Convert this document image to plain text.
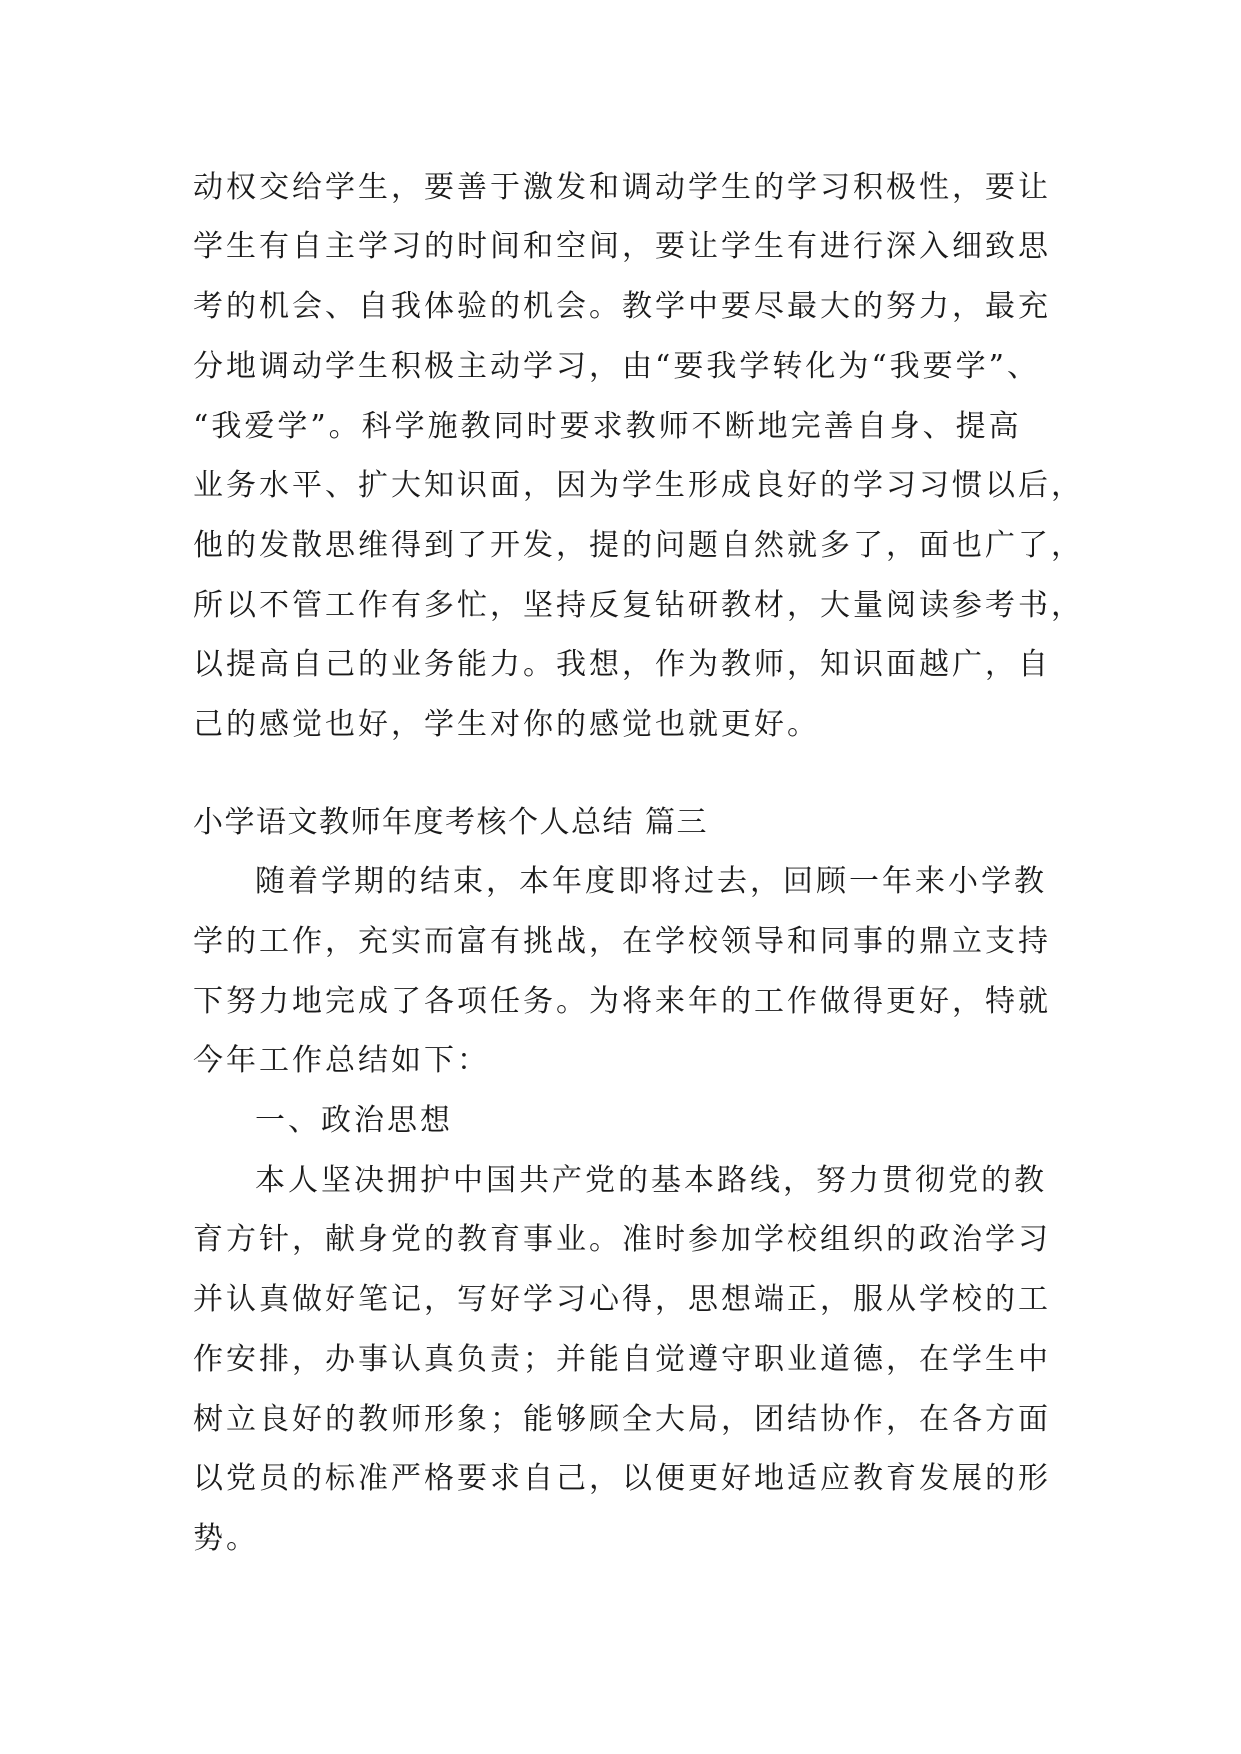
动权交给学生，要善于激发和调动学生的学习积极性，要让
学生有自主学习的时间和空间，要让学生有进行深入细致思
考的机会、自我体验的机会。教学中要尽最大的努力，最充
分地调动学生积极主动学习，由“要我学转化为“我要学”、
“我爱学”。科学施教同时要求教师不断地完善自身、提高
业务水平、扩大知识面，因为学生形成良好的学习习惯以后，
他的发散思维得到了开发，提的问题自然就多了，面也广了，
所以不管工作有多忙，坚持反复钻研教材，大量阅读参考书，
以提高自己的业务能力。我想，作为教师，知识面越广，自
己的感觉也好，学生对你的感觉也就更好。
小学语文教师年度考核个人总结 篇三
随着学期的结束，本年度即将过去，回顾一年来小学教
学的工作，充实而富有挑战，在学校领导和同事的鼎立支持
下努力地完成了各项任务。为将来年的工作做得更好，特就
今年工作总结如下：
一、政治思想
本人坚决拥护中国共产党的基本路线，努力贯彻党的教
育方针，献身党的教育事业。准时参加学校组织的政治学习
并认真做好笔记，写好学习心得，思想端正，服从学校的工
作安排，办事认真负责；并能自觉遵守职业道德，在学生中
树立良好的教师形象；能够顾全大局，团结协作，在各方面
以党员的标准严格要求自己，以便更好地适应教育发展的形
势。
